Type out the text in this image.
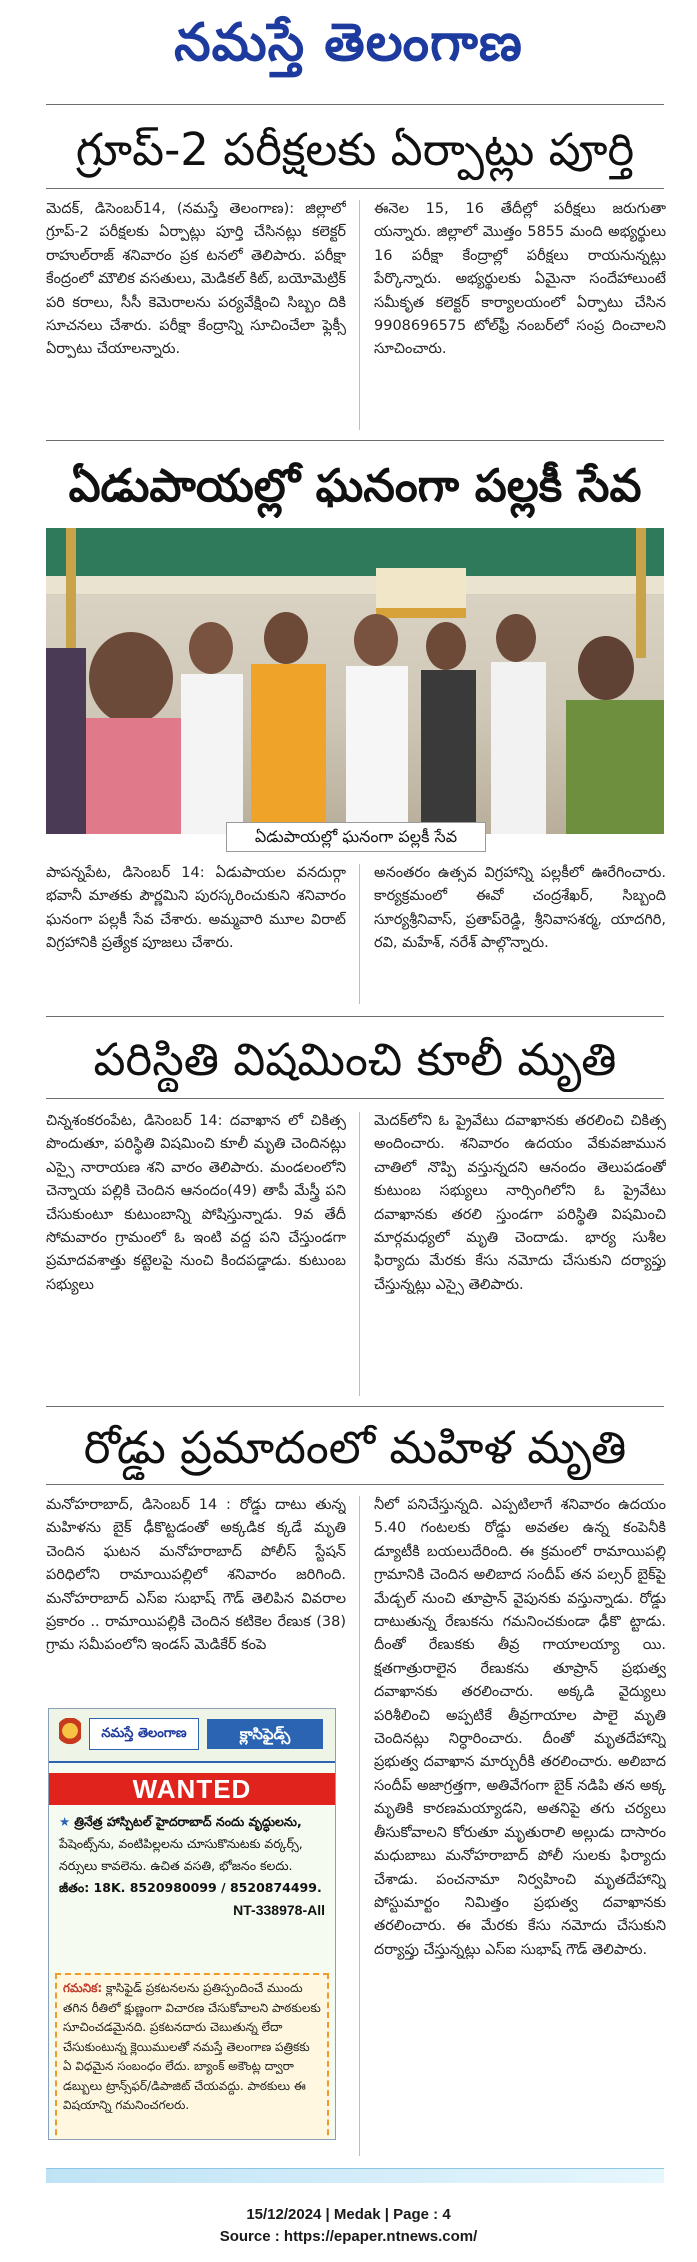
నమస్తే తెలంగాణ
గ్రూప్‌-2 పరీక్షలకు ఏర్పాట్లు పూర్తి
మెదక్‌, డిసెంబర్‌14, (నమస్తే తెలంగాణ): జిల్లాలో గ్రూప్‌-2 పరీక్షలకు ఏర్పాట్లు పూర్తి చేసినట్లు కలెక్టర్‌ రాహుల్‌రాజ్‌ శనివారం ప్రక టనలో తెలిపారు. పరీక్షా కేంద్రంలో మౌలిక వసతులు, మెడికల్‌ కిట్‌, బయోమెట్రిక్‌ పరి కరాలు, సీసీ కెమెరాలను పర్యవేక్షించి సిబ్బం దికి సూచనలు చేశారు. పరీక్షా కేంద్రాన్ని సూచించేలా ఫ్లెక్సీ ఏర్పాటు చేయాలన్నారు.
ఈనెల 15, 16 తేదీల్లో పరీక్షలు జరుగుతా యన్నారు. జిల్లాలో మొత్తం 5855 మంది అభ్యర్థులు 16 పరీక్షా కేంద్రాల్లో పరీక్షలు రాయనున్నట్లు పేర్కొన్నారు. అభ్యర్థులకు ఏమైనా సందేహాలుంటే సమీకృత కలెక్టర్‌ కార్యాలయంలో ఏర్పాటు చేసిన 9908696575 టోల్‌ఫ్రీ నంబర్‌లో సంప్ర దించాలని సూచించారు.
ఏడుపాయల్లో ఘనంగా పల్లకీ సేవ
ఏడుపాయల్లో ఘనంగా పల్లకీ సేవ
పాపన్నపేట, డిసెంబర్‌ 14: ఏడుపాయల వనదుర్గా భవానీ మాతకు పౌర్ణమిని పురస్కరించుకుని శనివారం ఘనంగా పల్లకీ సేవ చేశారు. అమ్మవారి మూల విరాట్‌ విగ్రహానికి ప్రత్యేక పూజలు చేశారు.
అనంతరం ఉత్సవ విగ్రహాన్ని పల్లకీలో ఊరేగించారు. కార్యక్రమంలో ఈవో చంద్రశేఖర్‌, సిబ్బంది సూర్యశ్రీనివాస్‌, ప్రతాప్‌రెడ్డి, శ్రీనివాసశర్మ, యాదగిరి, రవి, మహేశ్‌, నరేశ్‌ పాల్గొన్నారు.
పరిస్థితి విషమించి కూలీ మృతి
చిన్నశంకరంపేట, డిసెంబర్‌ 14: దవాఖాన లో చికిత్స పొందుతూ, పరిస్థితి విషమించి కూలీ మృతి చెందినట్లు ఎస్సై నారాయణ శని వారం తెలిపారు. మండలంలోని చెన్నాయ పల్లికి చెందిన ఆనందం(49) తాపీ మేస్త్రీ పని చేసుకుంటూ కుటుంబాన్ని పోషిస్తున్నాడు. 9వ తేదీ సోమవారం గ్రామంలో ఓ ఇంటి వద్ద పని చేస్తుండగా ప్రమాదవశాత్తు కట్టెలపై నుంచి కిందపడ్డాడు. కుటుంబ సభ్యులు
మెదక్‌లోని ఓ ప్రైవేటు దవాఖానకు తరలించి చికిత్స అందించారు. శనివారం ఉదయం వేకువజామున చాతిలో నొప్పి వస్తున్నదని ఆనందం తెలుపడంతో కుటుంబ సభ్యులు నార్సింగిలోని ఓ ప్రైవేటు దవాఖానకు తరలి స్తుండగా పరిస్థితి విషమించి మార్గమధ్యలో మృతి చెందాడు. భార్య సుశీల ఫిర్యాదు మేరకు కేసు నమోదు చేసుకుని దర్యాప్తు చేస్తున్నట్లు ఎస్సై తెలిపారు.
రోడ్డు ప్రమాదంలో మహిళ మృతి
మనోహరాబాద్‌, డిసెంబర్‌ 14 : రోడ్డు దాటు తున్న మహిళను బైక్‌ ఢీకొట్టడంతో అక్కడిక క్కడే మృతి చెందిన ఘటన మనోహరాబాద్‌ పోలీస్‌ స్టేషన్‌ పరిధిలోని రామాయిపల్లిలో శనివారం జరిగింది. మనోహరాబాద్‌ ఎస్‌ఐ సుభాష్‌ గౌడ్‌ తెలిపిన వివరాల ప్రకారం .. రామాయిపల్లికి చెందిన కటికెల రేణుక (38) గ్రామ సమీపంలోని ఇండస్‌ మెడికేర్‌ కంపె
నీలో పనిచేస్తున్నది. ఎప్పటిలాగే శనివారం ఉదయం 5.40 గంటలకు రోడ్డు అవతల ఉన్న కంపెనీకి డ్యూటీకి బయలుదేరింది. ఈ క్రమంలో రామాయిపల్లి గ్రామానికి చెందిన అలిబాద సందీప్‌ తన పల్సర్‌ బైక్‌పై మేడ్చల్‌ నుంచి తూప్రాన్‌ వైపునకు వస్తున్నాడు. రోడ్డు దాటుతున్న రేణుకను గమనించకుండా ఢీకొ ట్టాడు. దీంతో రేణుకకు తీవ్ర గాయాలయ్యా యి. క్షతగాత్రురాలైన రేణుకను తూప్రాన్‌ ప్రభుత్వ దవాఖానకు తరలించారు. అక్కడి వైద్యులు పరిశీలించి అప్పటికే తీవ్రగాయాల పాలై మృతి చెందినట్లు నిర్ధారించారు. దీంతో మృతదేహాన్ని ప్రభుత్వ దవాఖాన మార్చురీకి తరలించారు. అలిబాద సందీప్‌ అజాగ్రత్తగా, అతివేగంగా బైక్‌ నడిపి తన అక్క మృతికి కారణమయ్యాడని, అతనిపై తగు చర్యలు తీసుకోవాలని కోరుతూ మృతురాలి అల్లుడు దాసారం మధుబాబు మనోహరాబాద్‌ పోలీ సులకు ఫిర్యాదు చేశాడు. పంచనామా నిర్వహించి మృతదేహాన్ని పోస్టుమార్టం నిమిత్తం ప్రభుత్వ దవాఖానకు తరలించారు. ఈ మేరకు కేసు నమోదు చేసుకుని దర్యాప్తు చేస్తున్నట్లు ఎస్‌ఐ సుభాష్‌ గౌడ్‌ తెలిపారు.
నమస్తే తెలంగాణ	క్లాసిఫైడ్స్‌
WANTED
★ త్రినేత్ర హాస్పిటల్‌ హైదరాబాద్‌ నందు వృద్ధులను,
పేషెంట్స్‌ను, వంటిపిల్లలను చూసుకొనుటకు వర్కర్స్‌, నర్సులు కావలెను. ఉచిత వసతి, భోజనం కలదు.
జీతం: 18K. 8520980099 / 8520874499.
NT-338978-All
గమనిక: క్లాసిఫైడ్‌ ప్రకటనలను ప్రతిస్పందించే ముందు తగిన రీతిలో క్షుణ్ణంగా విచారణ చేసుకోవాలని పాఠకులకు సూచించడమైనది. ప్రకటనదారు చెబుతున్న లేదా చేసుకుంటున్న క్లెయిములతో నమస్తే తెలంగాణ పత్రికకు ఏ విధమైన సంబంధం లేదు. బ్యాంక్‌ అకౌంట్ల ద్వారా డబ్బులు ట్రాన్స్‌ఫర్‌/డిపాజిట్‌ చేయవద్దు. పాఠకులు ఈ విషయాన్ని గమనించగలరు.
15/12/2024 | Medak | Page : 4
Source : https://epaper.ntnews.com/
